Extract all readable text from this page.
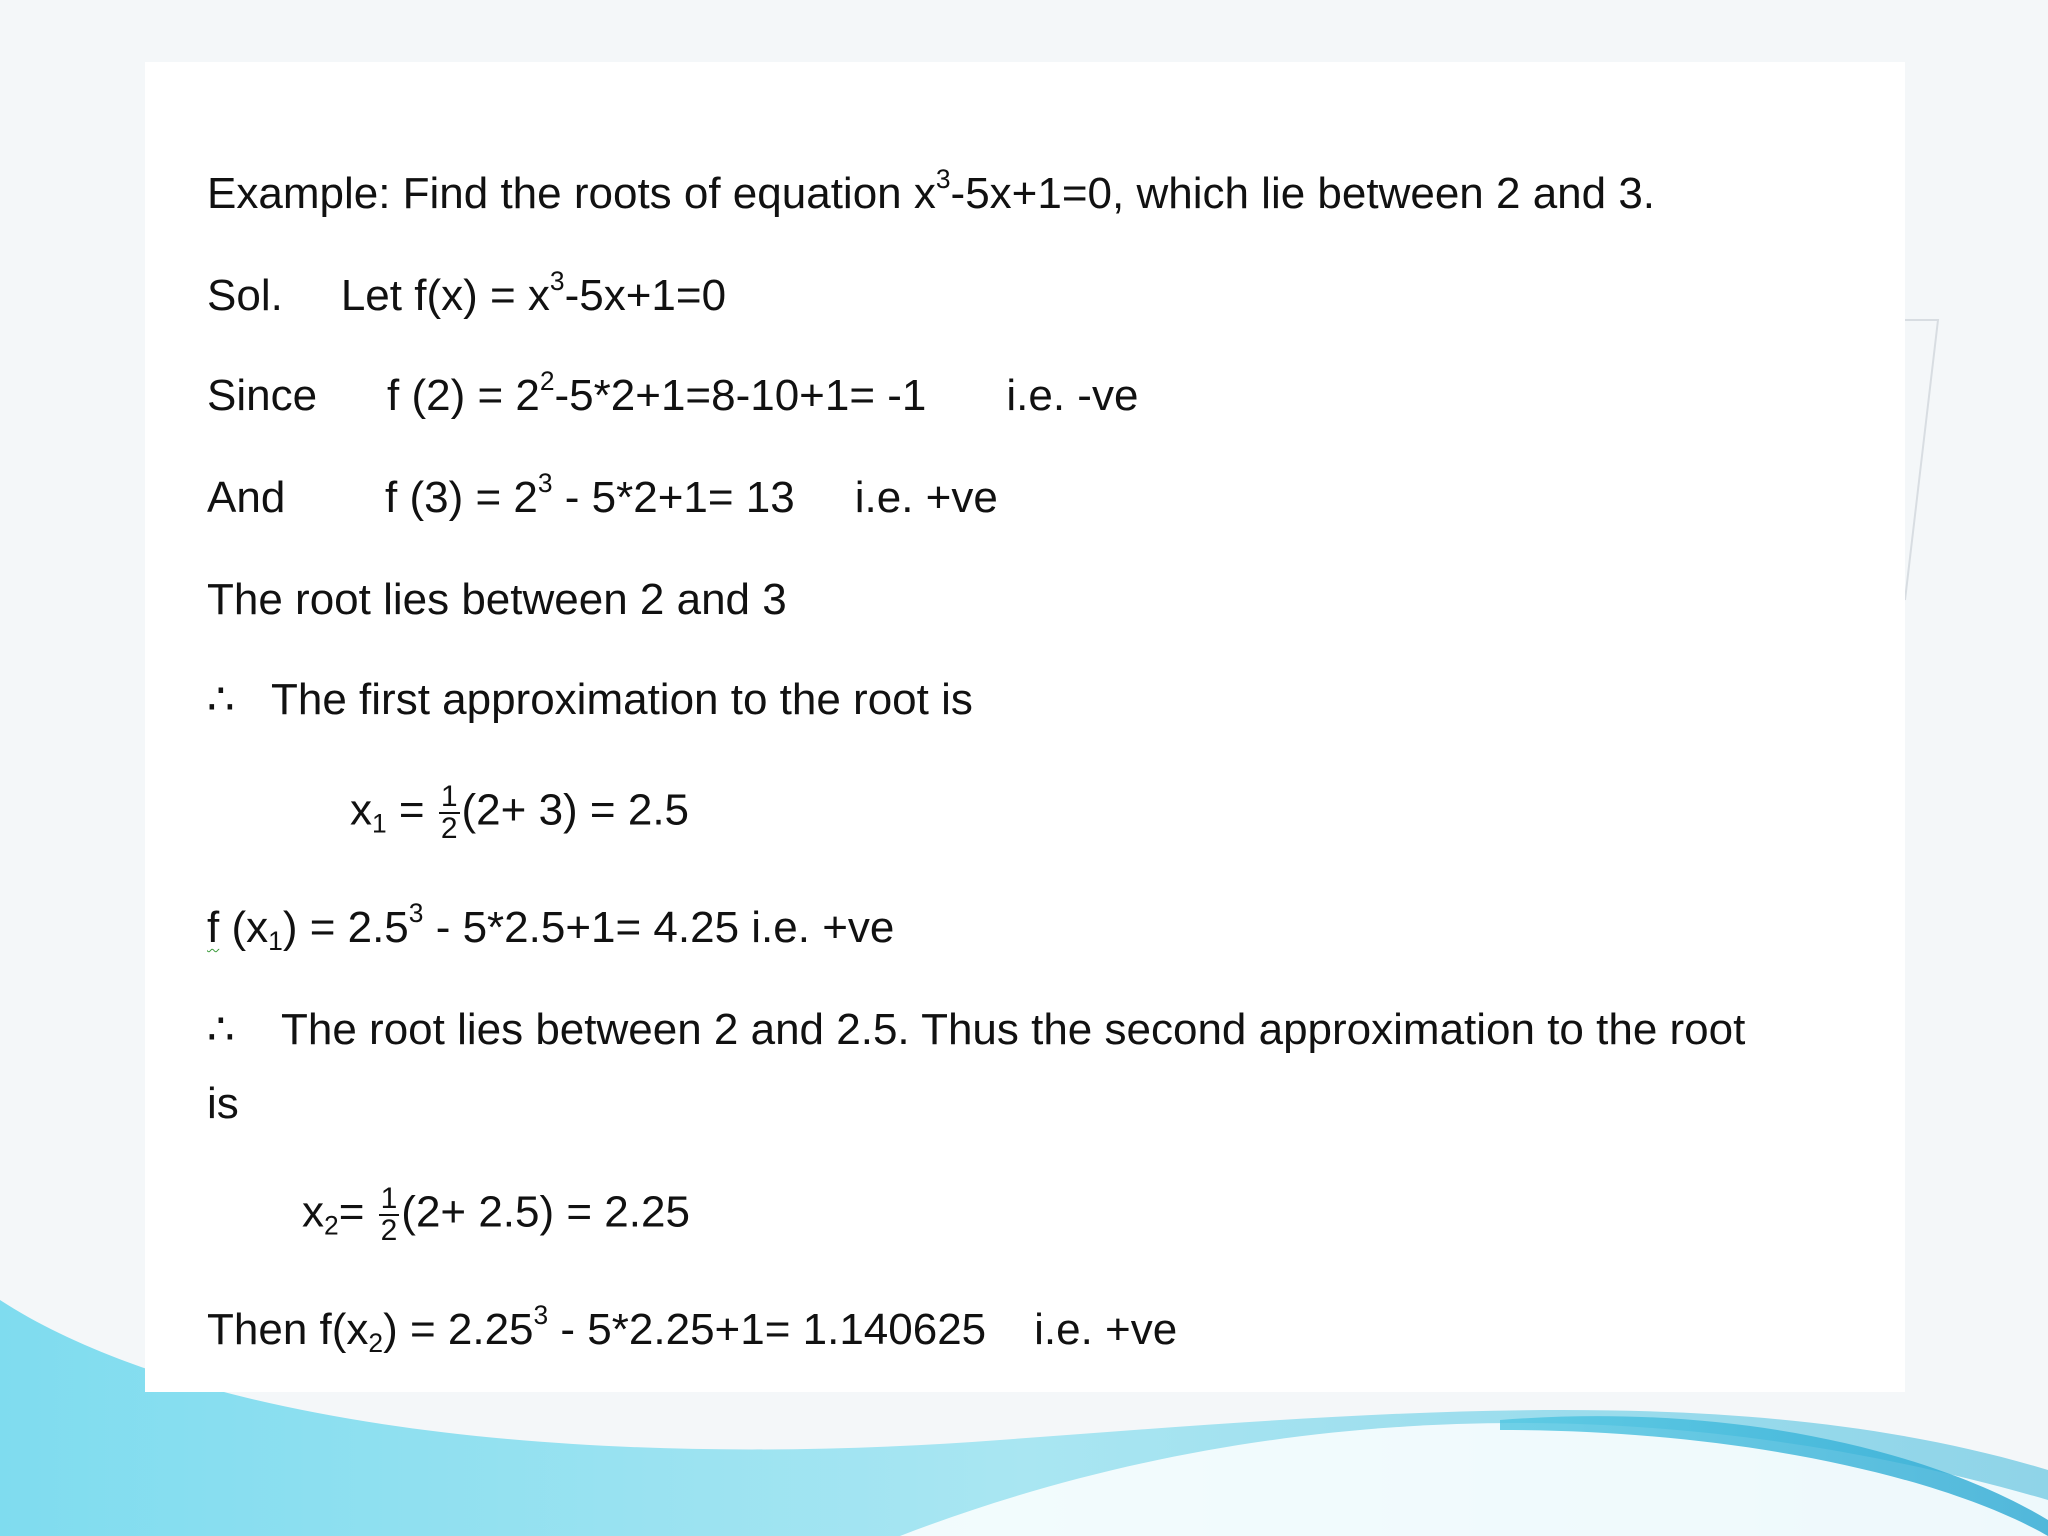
Example: Find the roots of equation $x^3-5x+1=0$, which lie between 2 and 3.
Sol. Let $f(x) = x^3-5x+1=0$
Since f $(2) = 2^2-5*2+1=8-10+1= -1$ i.e. -ve
And f $(3) = 2^3 - 5*2+1= 13$ i.e. +ve
The root lies between 2 and 3
∴ The first approximation to the root is
$x_1 = \frac{1}{2} (2+ 3) = 2.5$
f $(x_1) = 2.5^3 - 5*2.5+1= 4.25$ i.e. +ve
∴ The root lies between 2 and 2.5. Thus the second approximation to the root
is
$x_2= \frac{1}{2} (2+ 2.5) = 2.25$
Then $f(x_2) = 2.25^3 - 5*2.25+1= 1.140625$ i.e. +ve
